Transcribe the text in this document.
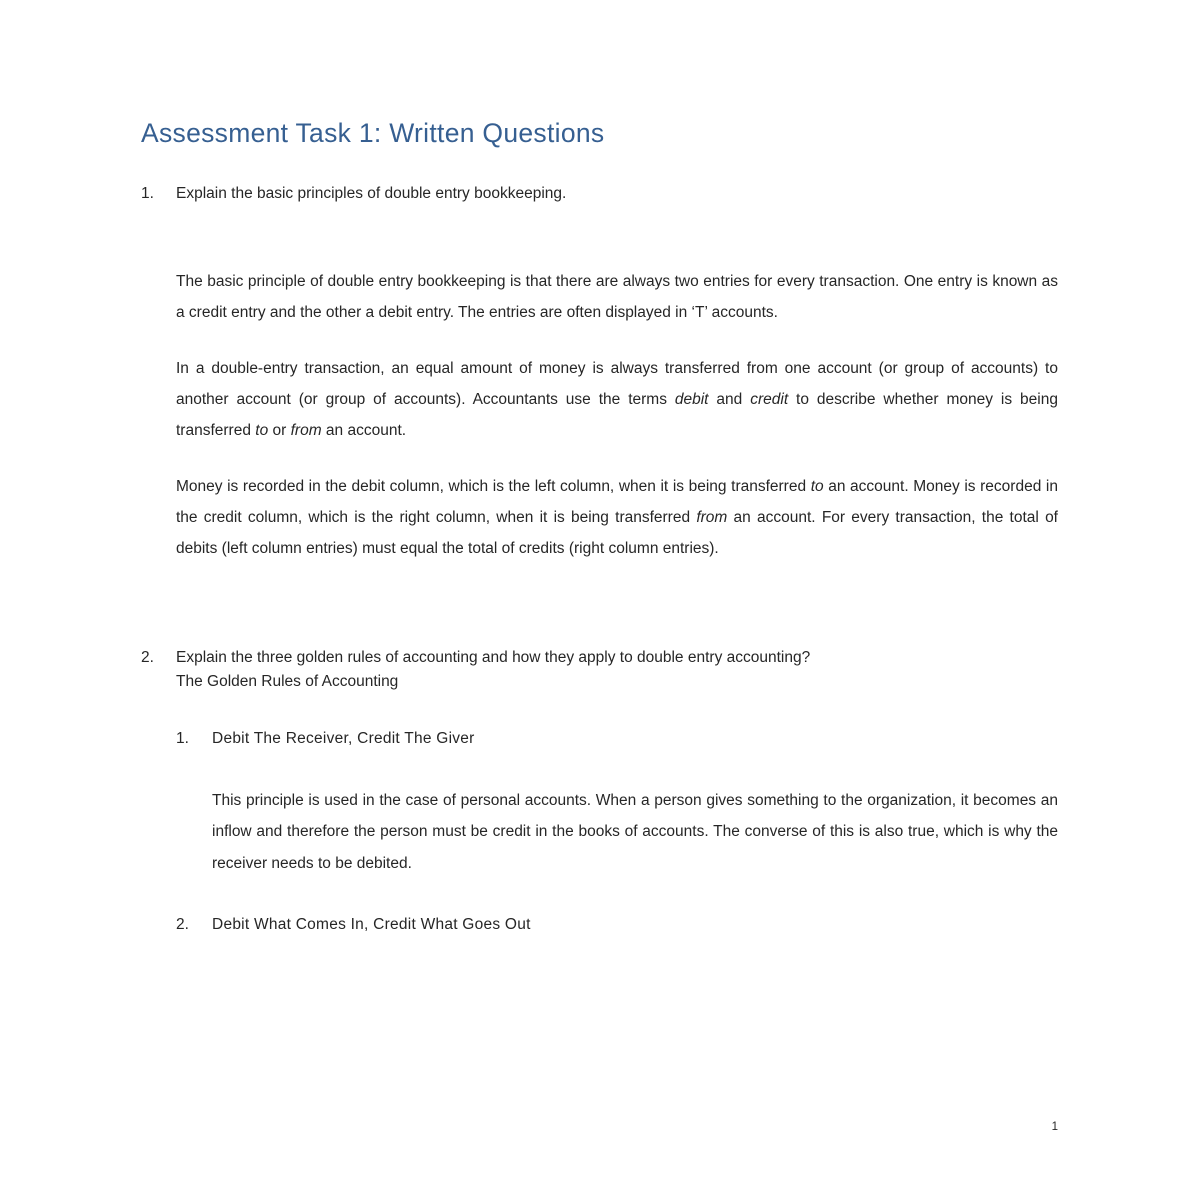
Assessment Task 1: Written Questions
1.	Explain the basic principles of double entry bookkeeping.

The basic principle of double entry bookkeeping is that there are always two entries for every transaction. One entry is known as a credit entry and the other a debit entry. The entries are often displayed in ‘T’ accounts.

In a double-entry transaction, an equal amount of money is always transferred from one account (or group of accounts) to another account (or group of accounts). Accountants use the terms debit and credit to describe whether money is being transferred to or from an account.

Money is recorded in the debit column, which is the left column, when it is being transferred to an account. Money is recorded in the credit column, which is the right column, when it is being transferred from an account. For every transaction, the total of debits (left column entries) must equal the total of credits (right column entries).

2.	Explain the three golden rules of accounting and how they apply to double entry accounting?

The Golden Rules of Accounting

1.	Debit The Receiver, Credit The Giver

This principle is used in the case of personal accounts. When a person gives something to the organization, it becomes an inflow and therefore the person must be credit in the books of accounts. The converse of this is also true, which is why the receiver needs to be debited.

2.	Debit What Comes In, Credit What Goes Out

1
